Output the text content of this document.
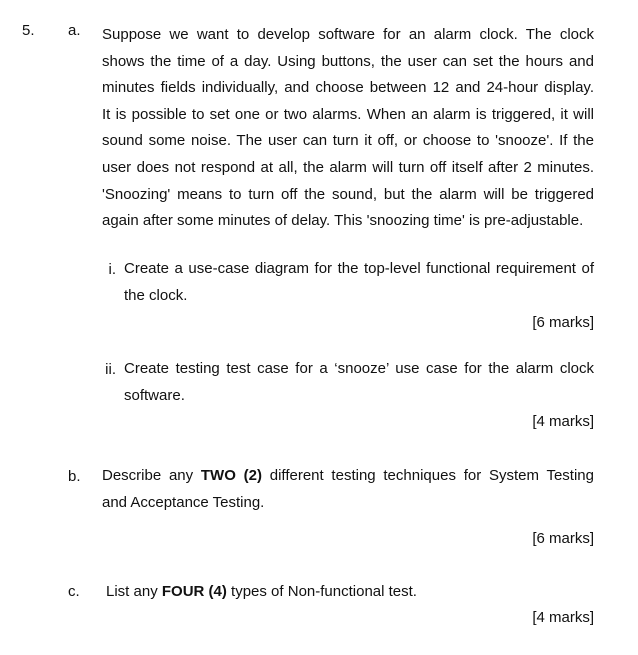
5. a. Suppose we want to develop software for an alarm clock. The clock
shows the time of a day. Using buttons, the user can set the hours and
minutes fields individually, and choose between 12 and 24-hour display.
It is possible to set one or two alarms. When an alarm is triggered, it will
sound some noise. The user can turn it off, or choose to 'snooze'. If the
user does not respond at all, the alarm will turn off itself after 2 minutes.
'Snoozing' means to turn off the sound, but the alarm will be triggered
again after some minutes of delay. This 'snoozing time' is pre-adjustable.
i. Create a use-case diagram for the top-level functional requirement of
the clock.
[6 marks]
ii. Create testing test case for a ‘snooze’ use case for the alarm clock
software.
[4 marks]
b. Describe any TWO (2) different testing techniques for System Testing
and Acceptance Testing.
[6 marks]
c. List any FOUR (4) types of Non-functional test.
[4 marks]
